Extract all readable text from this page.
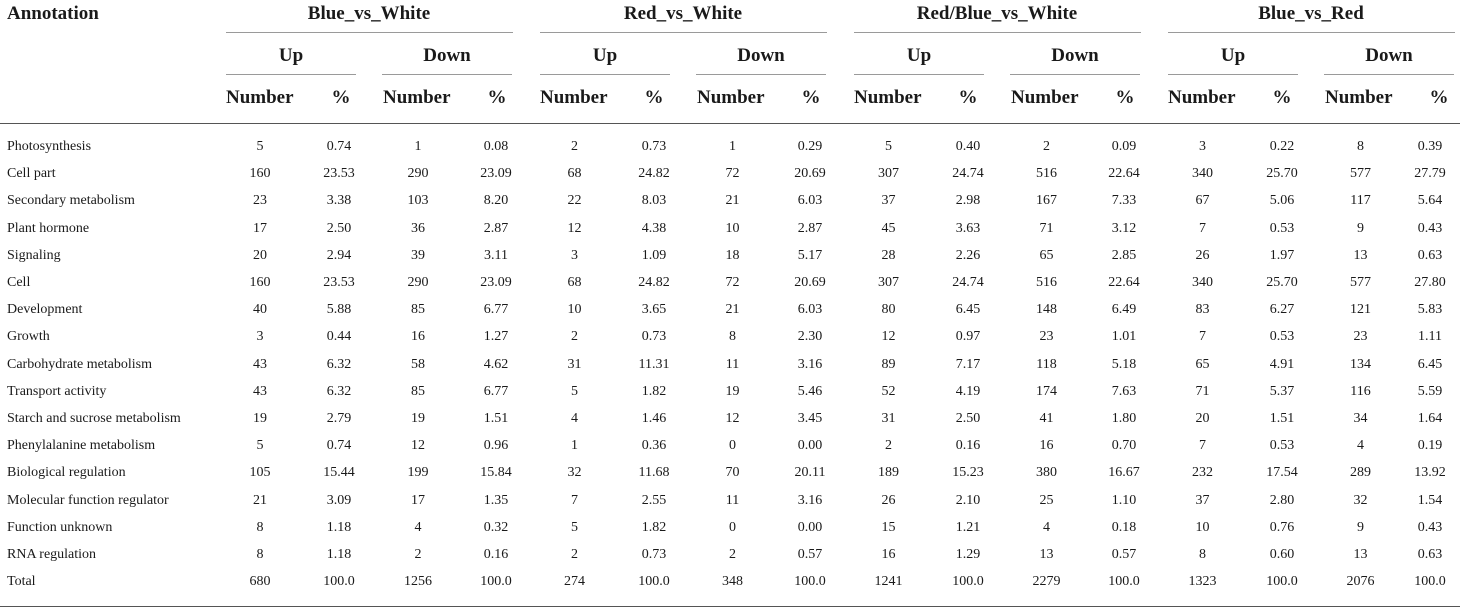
Annotation	Blue_vs_White	Red_vs_White	Red/Blue_vs_White	Blue_vs_Red
Up	Down	Up	Down	Up	Down	Up	Down
Number % Number % Number % Number % Number % Number % Number % Number %
Photosynthesis	5	0.74	1	0.08	2	0.73	1	0.29	5	0.40	2	0.09	3	0.22	8	0.39
Cell part	160	23.53	290	23.09	68	24.82	72	20.69	307	24.74	516	22.64	340	25.70	577	27.79
Secondary metabolism	23	3.38	103	8.20	22	8.03	21	6.03	37	2.98	167	7.33	67	5.06	117	5.64
Plant hormone	17	2.50	36	2.87	12	4.38	10	2.87	45	3.63	71	3.12	7	0.53	9	0.43
Signaling	20	2.94	39	3.11	3	1.09	18	5.17	28	2.26	65	2.85	26	1.97	13	0.63
Cell	160	23.53	290	23.09	68	24.82	72	20.69	307	24.74	516	22.64	340	25.70	577	27.80
Development	40	5.88	85	6.77	10	3.65	21	6.03	80	6.45	148	6.49	83	6.27	121	5.83
Growth	3	0.44	16	1.27	2	0.73	8	2.30	12	0.97	23	1.01	7	0.53	23	1.11
Carbohydrate metabolism	43	6.32	58	4.62	31	11.31	11	3.16	89	7.17	118	5.18	65	4.91	134	6.45
Transport activity	43	6.32	85	6.77	5	1.82	19	5.46	52	4.19	174	7.63	71	5.37	116	5.59
Starch and sucrose metabolism	19	2.79	19	1.51	4	1.46	12	3.45	31	2.50	41	1.80	20	1.51	34	1.64
Phenylalanine metabolism	5	0.74	12	0.96	1	0.36	0	0.00	2	0.16	16	0.70	7	0.53	4	0.19
Biological regulation	105	15.44	199	15.84	32	11.68	70	20.11	189	15.23	380	16.67	232	17.54	289	13.92
Molecular function regulator	21	3.09	17	1.35	7	2.55	11	3.16	26	2.10	25	1.10	37	2.80	32	1.54
Function unknown	8	1.18	4	0.32	5	1.82	0	0.00	15	1.21	4	0.18	10	0.76	9	0.43
RNA regulation	8	1.18	2	0.16	2	0.73	2	0.57	16	1.29	13	0.57	8	0.60	13	0.63
Total	680	100.0	1256	100.0	274	100.0	348	100.0	1241	100.0	2279	100.0	1323	100.0	2076	100.0
